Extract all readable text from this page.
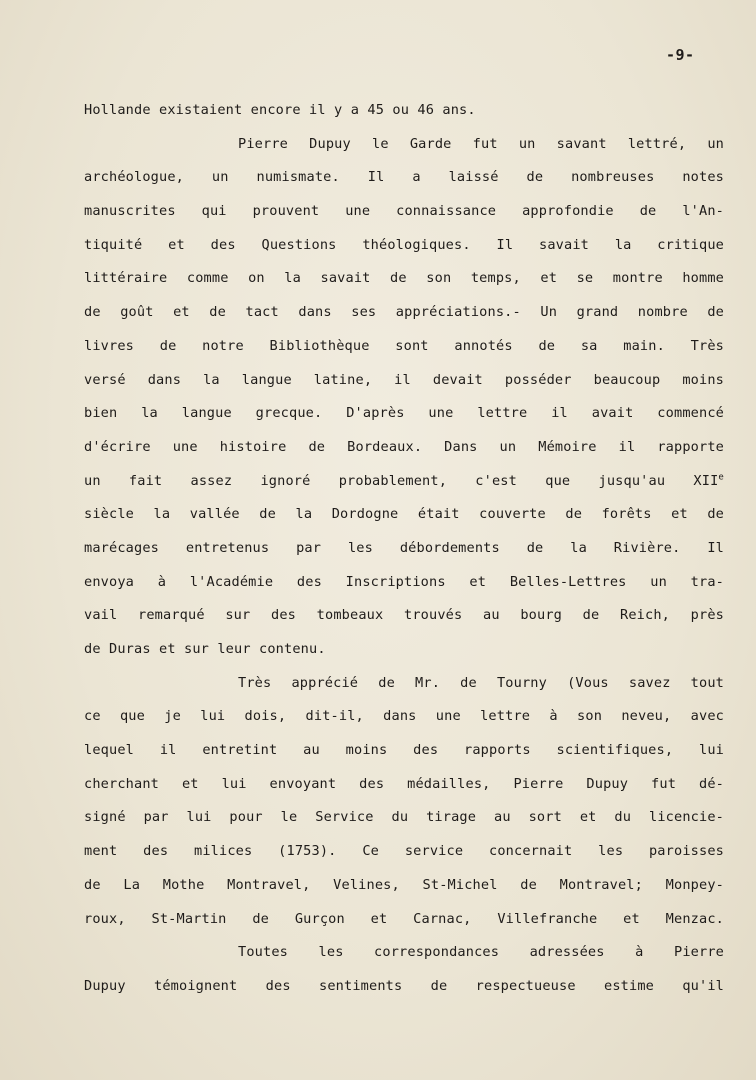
-9-
Hollande existaient encore il y a 45 ou 46 ans.
Pierre Dupuy le Garde fut un savant lettré, un
archéologue, un numismate. Il a laissé de nombreuses notes
manuscrites qui prouvent une connaissance approfondie de l'An-
tiquité et des Questions théologiques. Il savait la critique
littéraire comme on la savait de son temps, et se montre homme
de goût et de tact dans ses appréciations.- Un grand nombre de
livres de notre Bibliothèque sont annotés de sa main. Très
versé dans la langue latine, il devait posséder beaucoup moins
bien la langue grecque. D'après une lettre il avait commencé
d'écrire une histoire de Bordeaux. Dans un Mémoire il rapporte
un fait assez ignoré probablement, c'est que jusqu'au XIIe
siècle la vallée de la Dordogne était couverte de forêts et de
marécages entretenus par les débordements de la Rivière. Il
envoya à l'Académie des Inscriptions et Belles-Lettres un tra-
vail remarqué sur des tombeaux trouvés au bourg de Reich, près
de Duras et sur leur contenu.
Très apprécié de Mr. de Tourny (Vous savez tout
ce que je lui dois, dit-il, dans une lettre à son neveu, avec
lequel il entretint au moins des rapports scientifiques, lui
cherchant et lui envoyant des médailles, Pierre Dupuy fut dé-
signé par lui pour le Service du tirage au sort et du licencie-
ment des milices (1753). Ce service concernait les paroisses
de La Mothe Montravel, Velines, St-Michel de Montravel; Monpey-
roux, St-Martin de Gurçon et Carnac, Villefranche et Menzac.
Toutes les correspondances adressées à Pierre
Dupuy témoignent des sentiments de respectueuse estime qu'il
